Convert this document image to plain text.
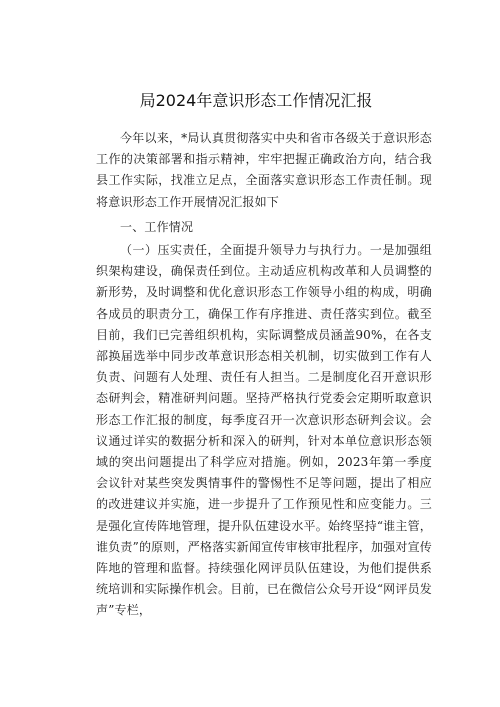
局2024年意识形态工作情况汇报

今年以来，*局认真贯彻落实中央和省市各级关于意识形态工作的决策部署和指示精神，牢牢把握正确政治方向，结合我县工作实际，找准立足点，全面落实意识形态工作责任制。现将意识形态工作开展情况汇报如下

一、工作情况

（一）压实责任，全面提升领导力与执行力。一是加强组织架构建设，确保责任到位。主动适应机构改革和人员调整的新形势，及时调整和优化意识形态工作领导小组的构成，明确各成员的职责分工，确保工作有序推进、责任落实到位。截至目前，我们已完善组织机构，实际调整成员涵盖90%，在各支部换届选举中同步改革意识形态相关机制，切实做到工作有人负责、问题有人处理、责任有人担当。二是制度化召开意识形态研判会，精准研判问题。坚持严格执行党委会定期听取意识形态工作汇报的制度，每季度召开一次意识形态研判会议。会议通过详实的数据分析和深入的研判，针对本单位意识形态领域的突出问题提出了科学应对措施。例如，2023年第一季度会议针对某些突发舆情事件的警惕性不足等问题，提出了相应的改进建议并实施，进一步提升了工作预见性和应变能力。三是强化宣传阵地管理，提升队伍建设水平。始终坚持“谁主管，谁负责”的原则，严格落实新闻宣传审核审批程序，加强对宣传阵地的管理和监督。持续强化网评员队伍建设，为他们提供系统培训和实际操作机会。目前，已在微信公众号开设“网评员发声”专栏，
